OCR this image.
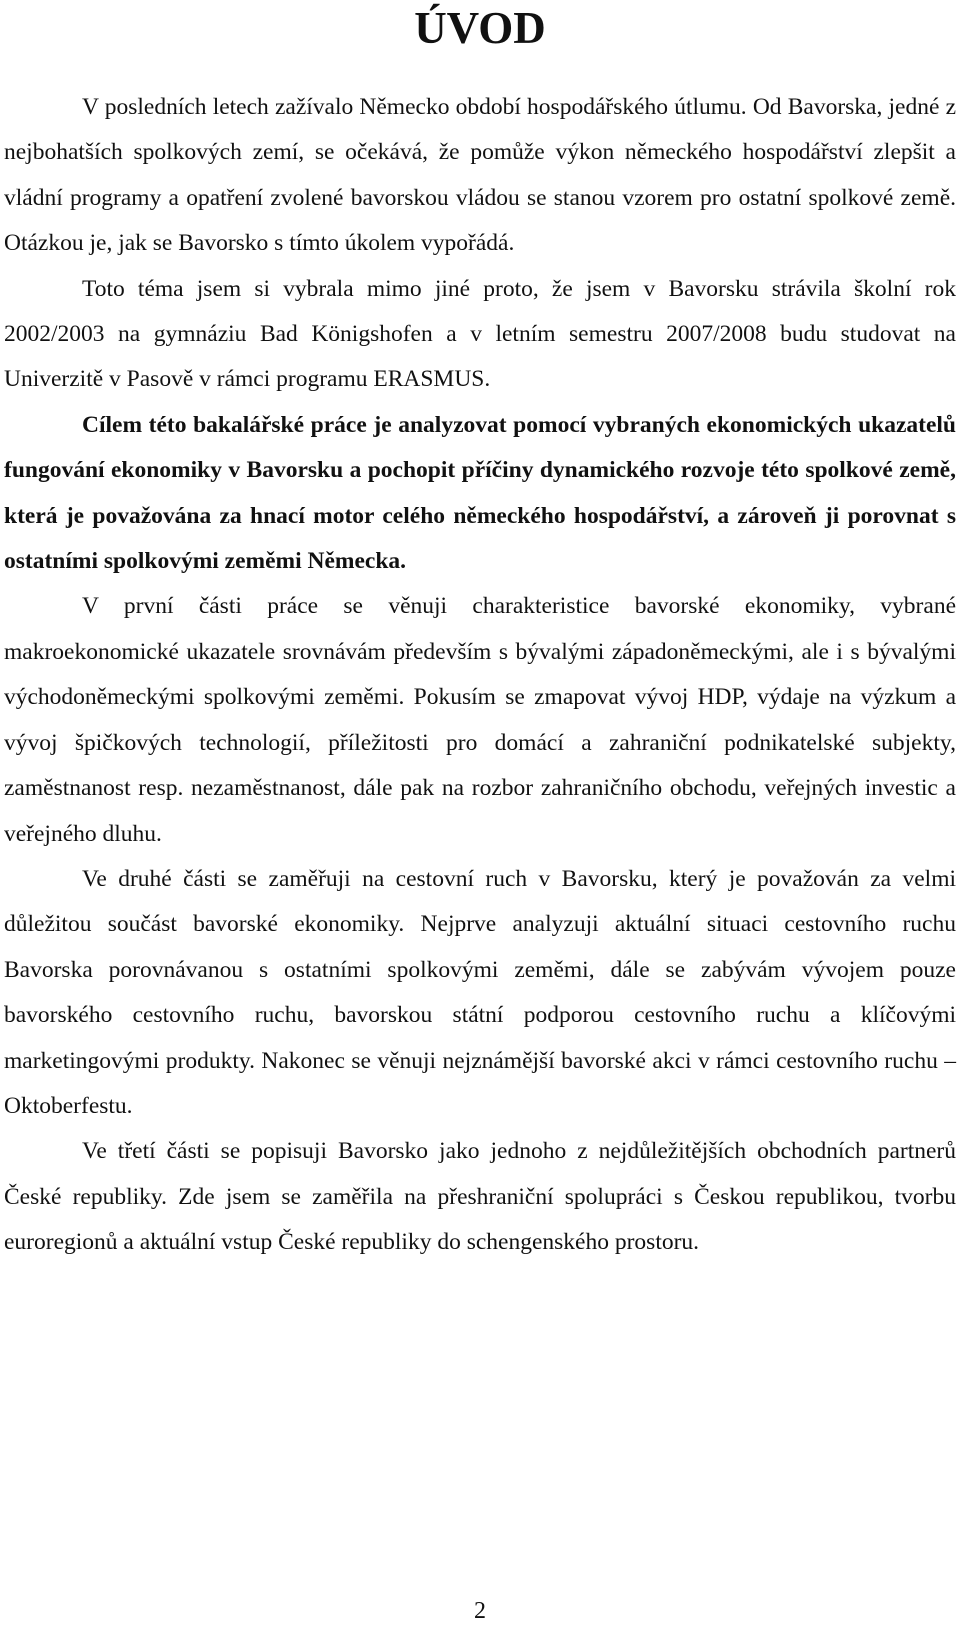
ÚVOD

V posledních letech zažívalo Německo období hospodářského útlumu. Od Bavorska, jedné z nejbohatších spolkových zemí, se očekává, že pomůže výkon německého hospodářství zlepšit a vládní programy a opatření zvolené bavorskou vládou se stanou vzorem pro ostatní spolkové země. Otázkou je, jak se Bavorsko s tímto úkolem vypořádá.

Toto téma jsem si vybrala mimo jiné proto, že jsem v Bavorsku strávila školní rok 2002/2003 na gymnáziu Bad Königshofen a v letním semestru 2007/2008 budu studovat na Univerzitě v Pasově v rámci programu ERASMUS.

Cílem této bakalářské práce je analyzovat pomocí vybraných ekonomických ukazatelů fungování ekonomiky v Bavorsku a pochopit příčiny dynamického rozvoje této spolkové země, která je považována za hnací motor celého německého hospodářství, a zároveň ji porovnat s ostatními spolkovými zeměmi Německa.

V první části práce se věnuji charakteristice bavorské ekonomiky, vybrané makroekonomické ukazatele srovnávám především s bývalými západoněmeckými, ale i s bývalými východoněmeckými spolkovými zeměmi. Pokusím se zmapovat vývoj HDP, výdaje na výzkum a vývoj špičkových technologií, příležitosti pro domácí a zahraniční podnikatelské subjekty, zaměstnanost resp. nezaměstnanost, dále pak na rozbor zahraničního obchodu, veřejných investic a veřejného dluhu.

Ve druhé části se zaměřuji na cestovní ruch v Bavorsku, který je považován za velmi důležitou součást bavorské ekonomiky. Nejprve analyzuji aktuální situaci cestovního ruchu Bavorska porovnávanou s ostatními spolkovými zeměmi, dále se zabývám vývojem pouze bavorského cestovního ruchu, bavorskou státní podporou cestovního ruchu a klíčovými marketingovými produkty. Nakonec se věnuji nejznámější bavorské akci v rámci cestovního ruchu – Oktoberfestu.

Ve třetí části se popisuji Bavorsko jako jednoho z nejdůležitějších obchodních partnerů České republiky. Zde jsem se zaměřila na přeshraniční spolupráci s Českou republikou, tvorbu euroregionů a aktuální vstup České republiky do schengenského prostoru.

2
